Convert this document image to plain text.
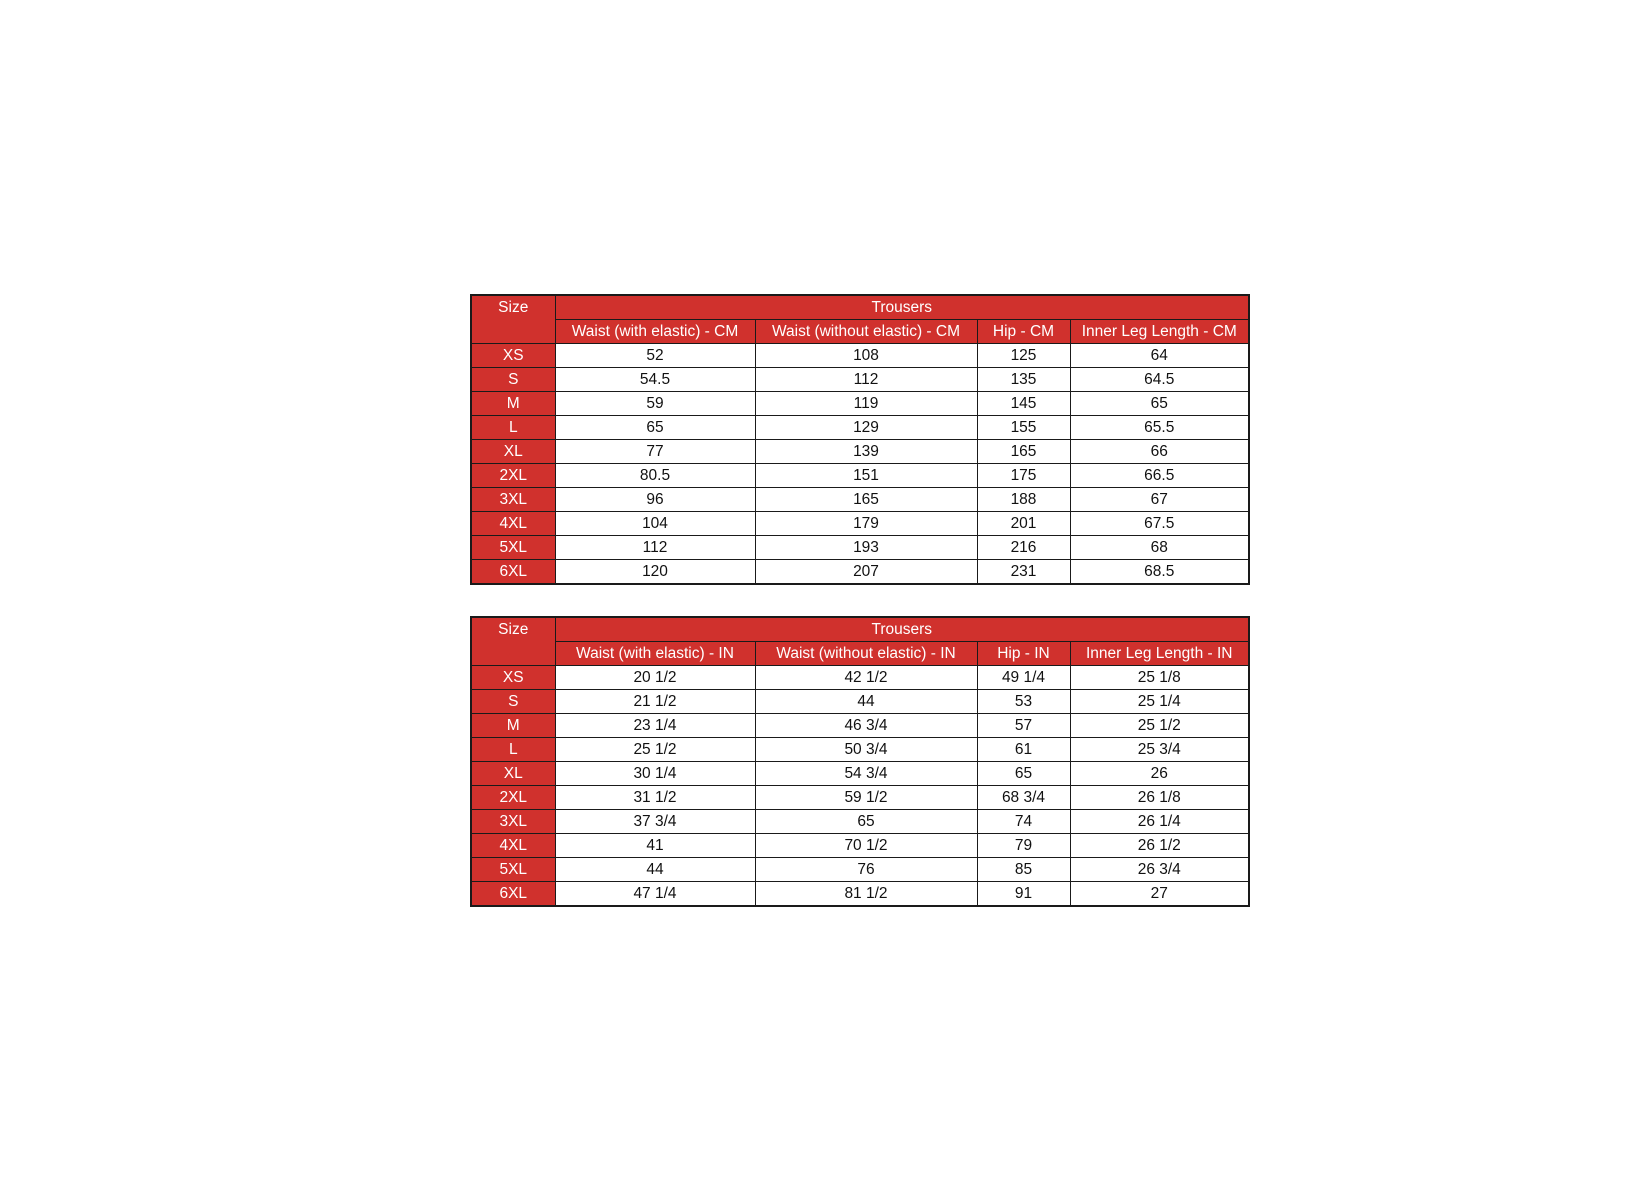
Size	Trousers			
	Waist (with elastic) - CM	Waist (without elastic) - CM	Hip - CM	Inner Leg Length - CM
XS	52	108	125	64
S	54.5	112	135	64.5
M	59	119	145	65
L	65	129	155	65.5
XL	77	139	165	66
2XL	80.5	151	175	66.5
3XL	96	165	188	67
4XL	104	179	201	67.5
5XL	112	193	216	68
6XL	120	207	231	68.5
Size	Trousers			
	Waist (with elastic) - IN	Waist (without elastic) - IN	Hip - IN	Inner Leg Length - IN
XS	20 1/2	42 1/2	49 1/4	25 1/8
S	21 1/2	44	53	25 1/4
M	23 1/4	46 3/4	57	25 1/2
L	25 1/2	50 3/4	61	25 3/4
XL	30 1/4	54 3/4	65	26
2XL	31 1/2	59 1/2	68 3/4	26 1/8
3XL	37 3/4	65	74	26 1/4
4XL	41	70 1/2	79	26 1/2
5XL	44	76	85	26 3/4
6XL	47 1/4	81 1/2	91	27
